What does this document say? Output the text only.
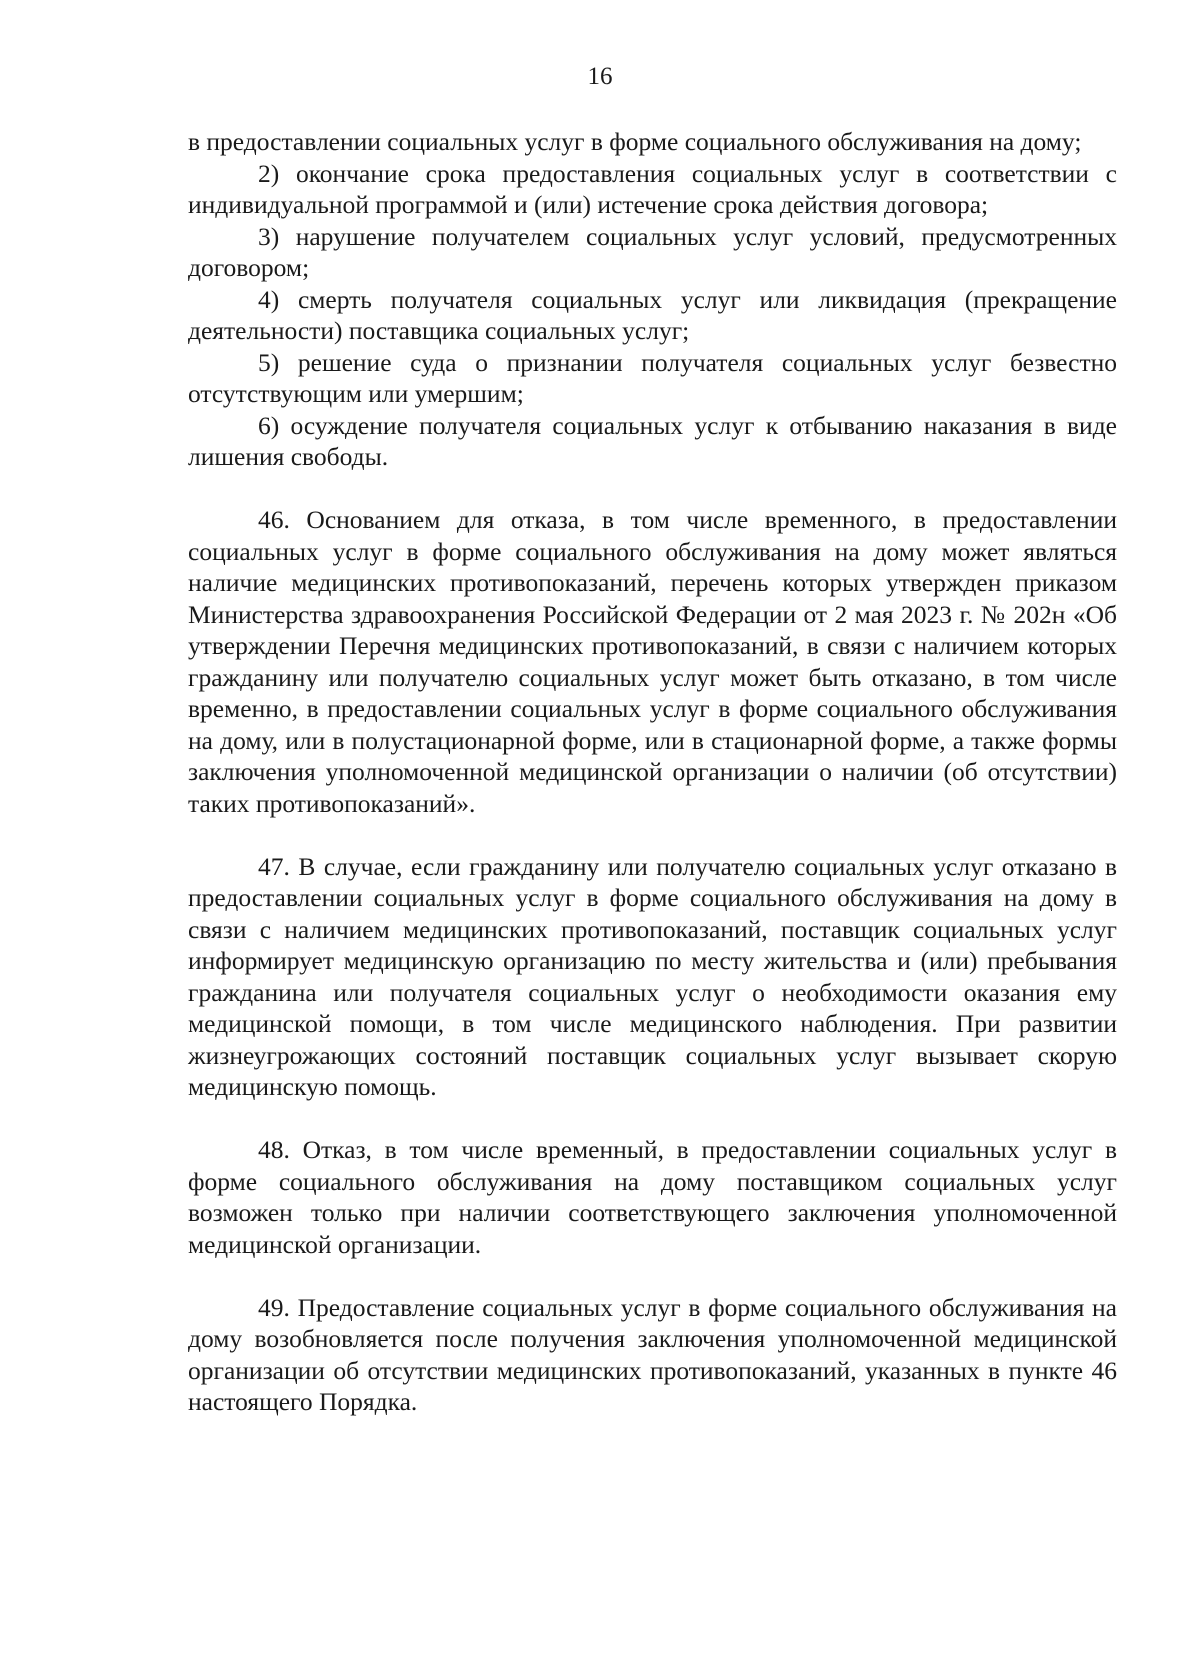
16

в предоставлении социальных услуг в форме социального обслуживания на дому;

2) окончание срока предоставления социальных услуг в соответствии с индивидуальной программой и (или) истечение срока действия договора;

3) нарушение получателем социальных услуг условий, предусмотренных договором;

4) смерть получателя социальных услуг или ликвидация (прекращение деятельности) поставщика социальных услуг;

5) решение суда о признании получателя социальных услуг безвестно отсутствующим или умершим;

6) осуждение получателя социальных услуг к отбыванию наказания в виде лишения свободы.

46. Основанием для отказа, в том числе временного, в предоставлении социальных услуг в форме социального обслуживания на дому может являться наличие медицинских противопоказаний, перечень которых утвержден приказом Министерства здравоохранения Российской Федерации от 2 мая 2023 г. № 202н «Об утверждении Перечня медицинских противопоказаний, в связи с наличием которых гражданину или получателю социальных услуг может быть отказано, в том числе временно, в предоставлении социальных услуг в форме социального обслуживания на дому, или в полустационарной форме, или в стационарной форме, а также формы заключения уполномоченной медицинской организации о наличии (об отсутствии) таких противопоказаний».

47. В случае, если гражданину или получателю социальных услуг отказано в предоставлении социальных услуг в форме социального обслуживания на дому в связи с наличием медицинских противопоказаний, поставщик социальных услуг информирует медицинскую организацию по месту жительства и (или) пребывания гражданина или получателя социальных услуг о необходимости оказания ему медицинской помощи, в том числе медицинского наблюдения. При развитии жизнеугрожающих состояний поставщик социальных услуг вызывает скорую медицинскую помощь.

48. Отказ, в том числе временный, в предоставлении социальных услуг в форме социального обслуживания на дому поставщиком социальных услуг возможен только при наличии соответствующего заключения уполномоченной медицинской организации.

49. Предоставление социальных услуг в форме социального обслуживания на дому возобновляется после получения заключения уполномоченной медицинской организации об отсутствии медицинских противопоказаний, указанных в пункте 46 настоящего Порядка.
